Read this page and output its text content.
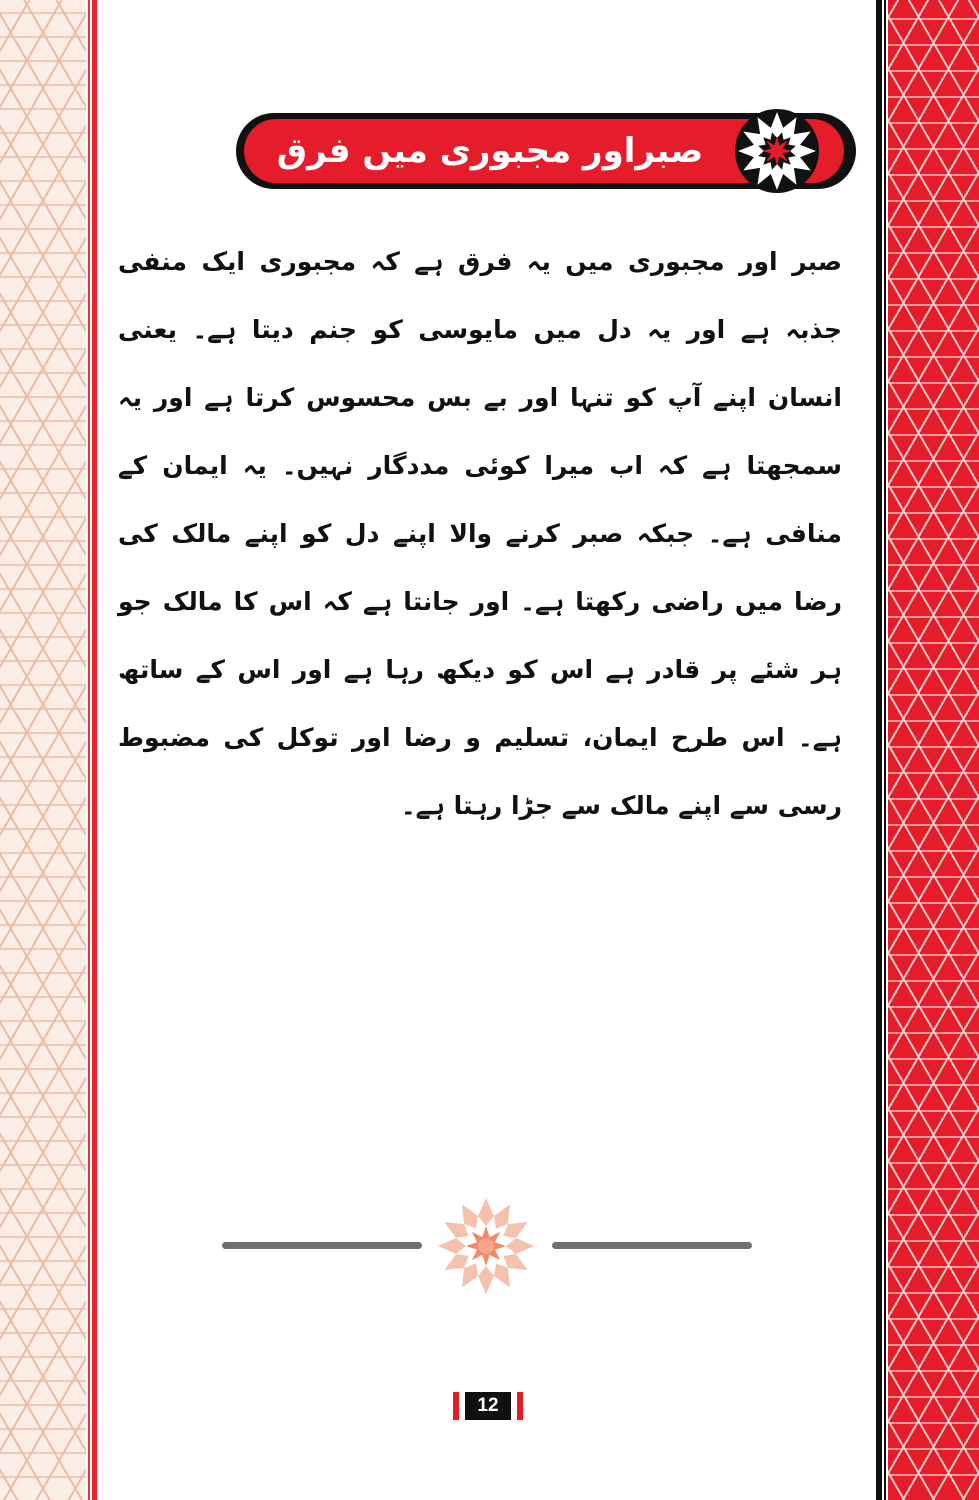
صبراور مجبوری میں فرق
صبر اور مجبوری میں یہ فرق ہے کہ مجبوری ایک منفی جذبہ ہے اور یہ دل میں مایوسی کو جنم دیتا ہے۔ یعنی انسان اپنے آپ کو تنہا اور بے بس محسوس کرتا ہے اور یہ سمجھتا ہے کہ اب میرا کوئی مددگار نہیں۔ یہ ایمان کے منافی ہے۔ جبکہ صبر کرنے والا اپنے دل کو اپنے مالک کی رضا میں راضی رکھتا ہے۔ اور جانتا ہے کہ اس کا مالک جو ہر شئے پر قادر ہے اس کو دیکھ رہا ہے اور اس کے ساتھ ہے۔ اس طرح ایمان، تسلیم و رضا اور توکل کی مضبوط رسی سے اپنے مالک سے جڑا رہتا ہے۔
12
